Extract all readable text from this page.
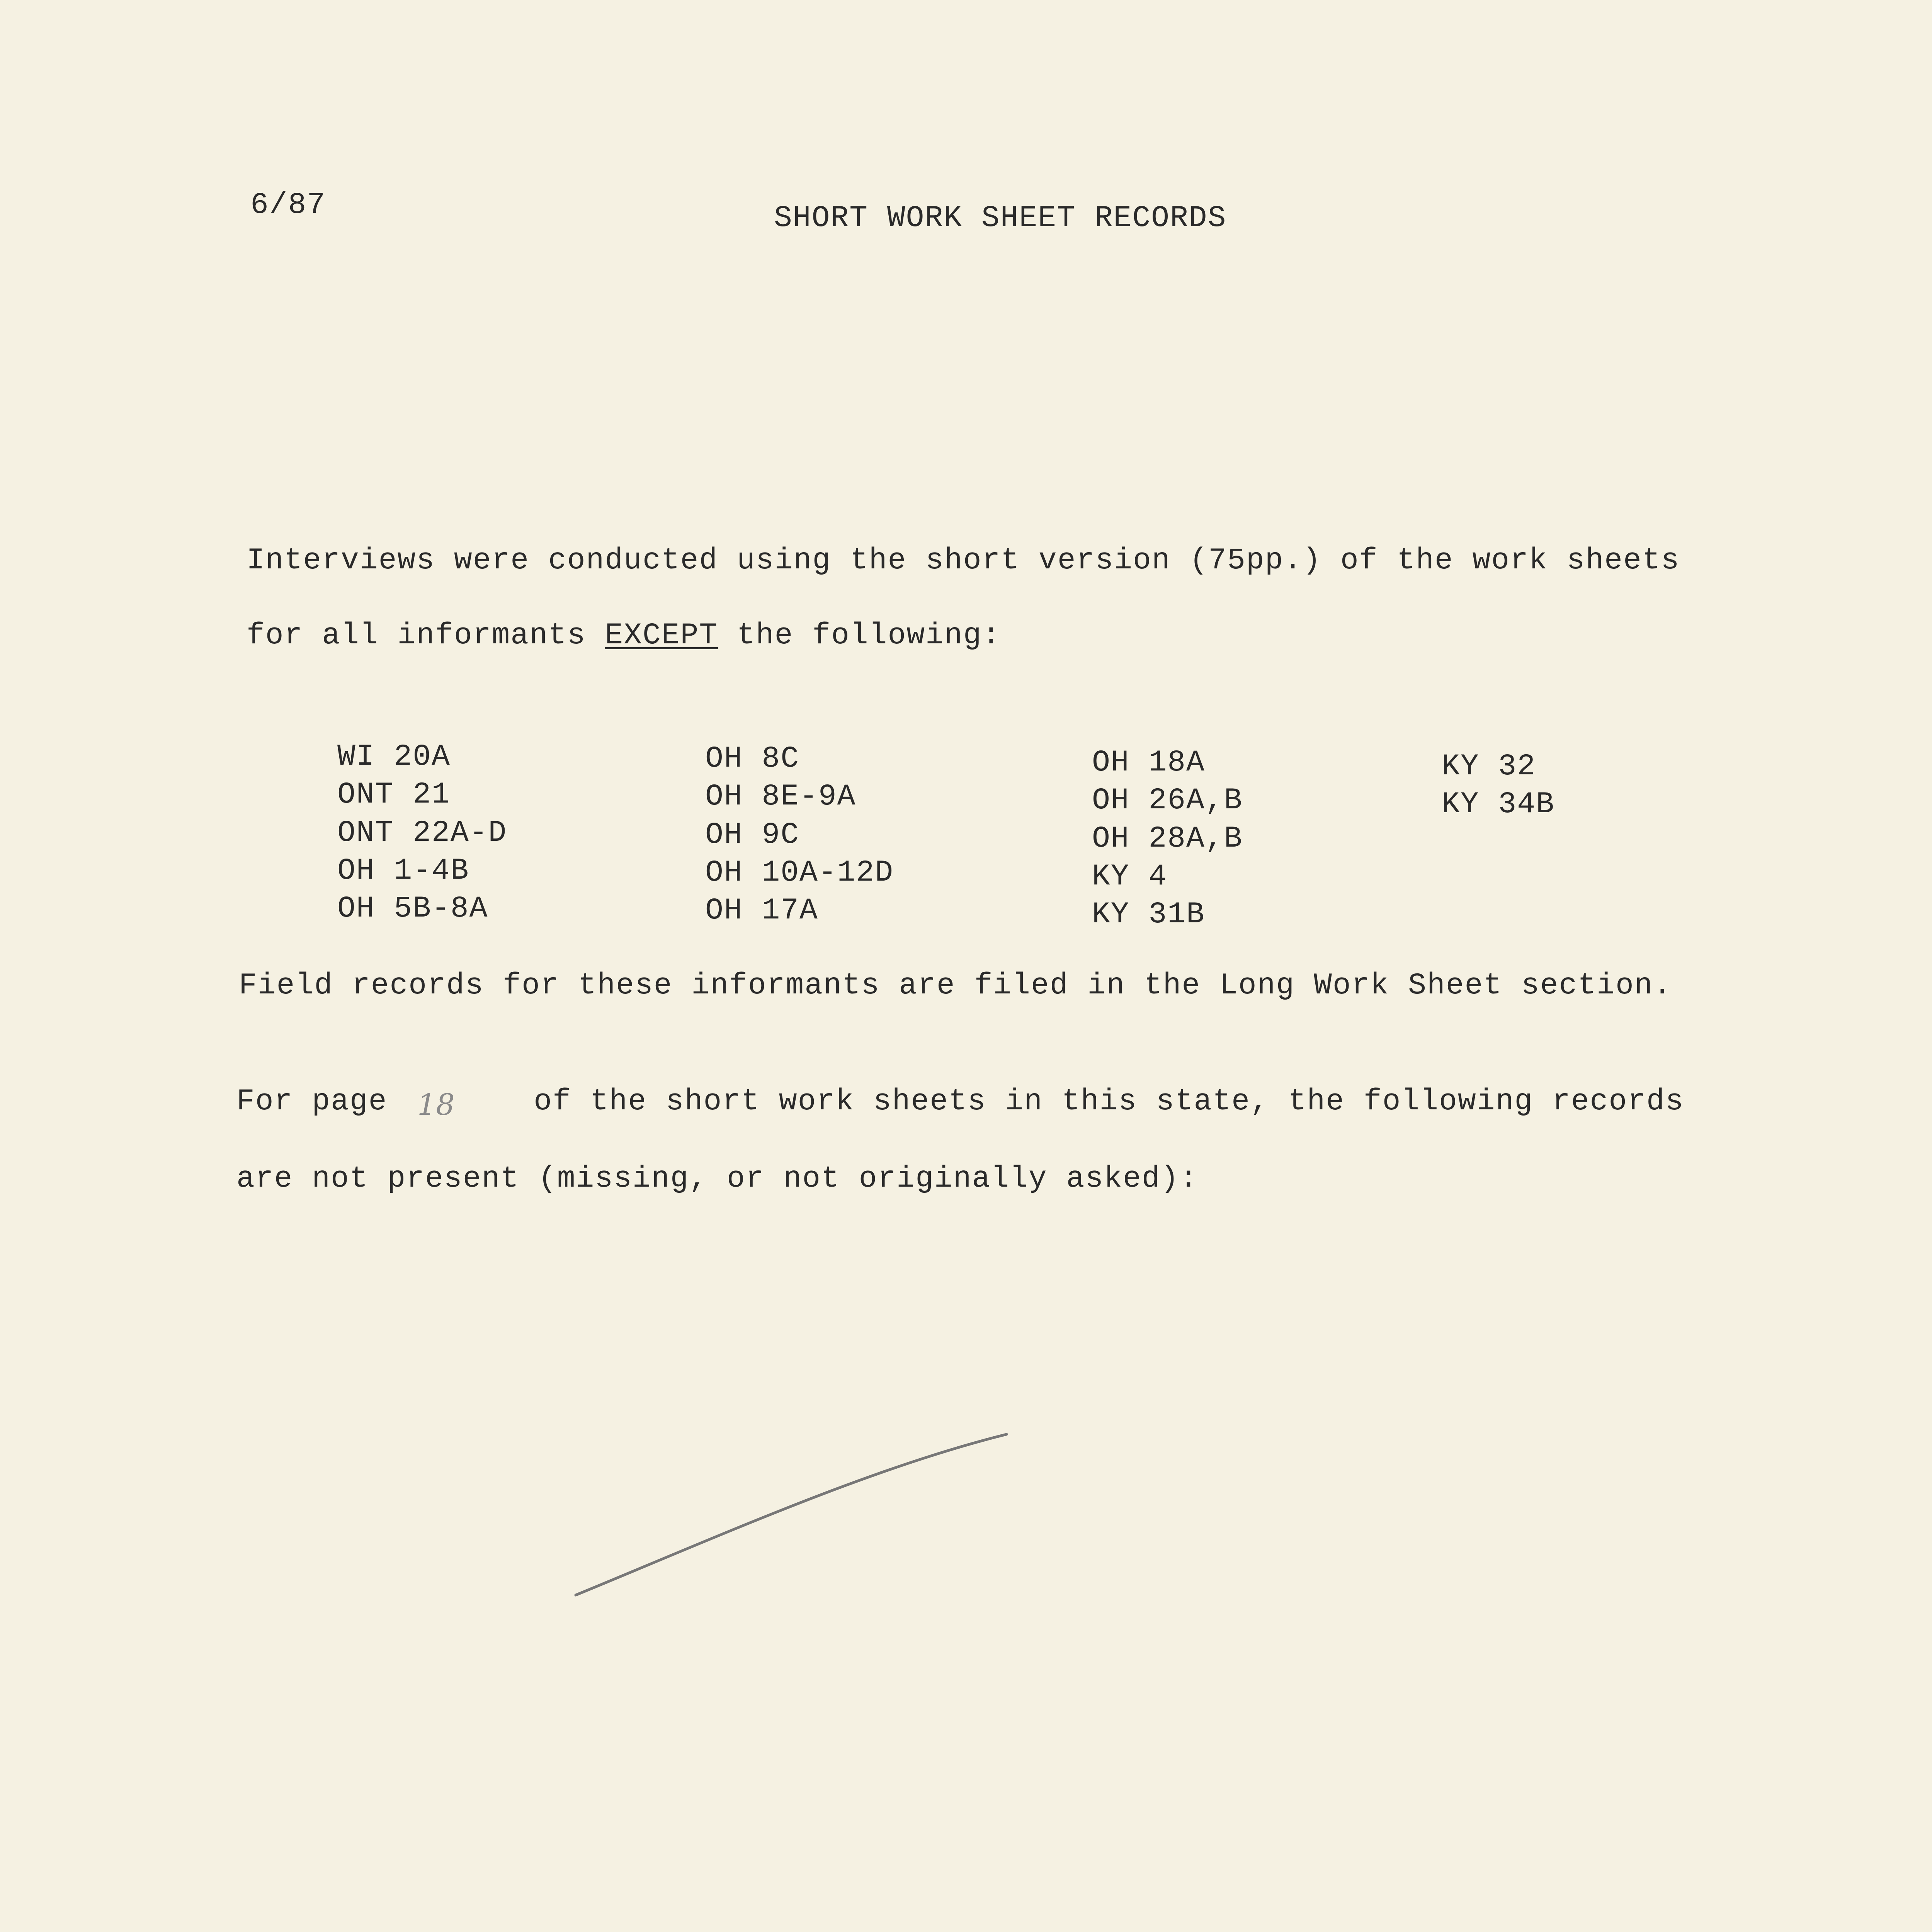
6/87	SHORT WORK SHEET RECORDS
Interviews were conducted using the short version (75pp.) of the work sheets
for all informants EXCEPT the following:
WI 20A
ONT 21
ONT 22A-D
OH 1-4B
OH 5B-8A
OH 8C
OH 8E-9A
OH 9C
OH 10A-12D
OH 17A
OH 18A
OH 26A,B
OH 28A,B
KY 4
KY 31B
KY 32
KY 34B
Field records for these informants are filed in the Long Work Sheet section.
For page	of the short work sheets in this state, the following records
18
are not present (missing, or not originally asked):
